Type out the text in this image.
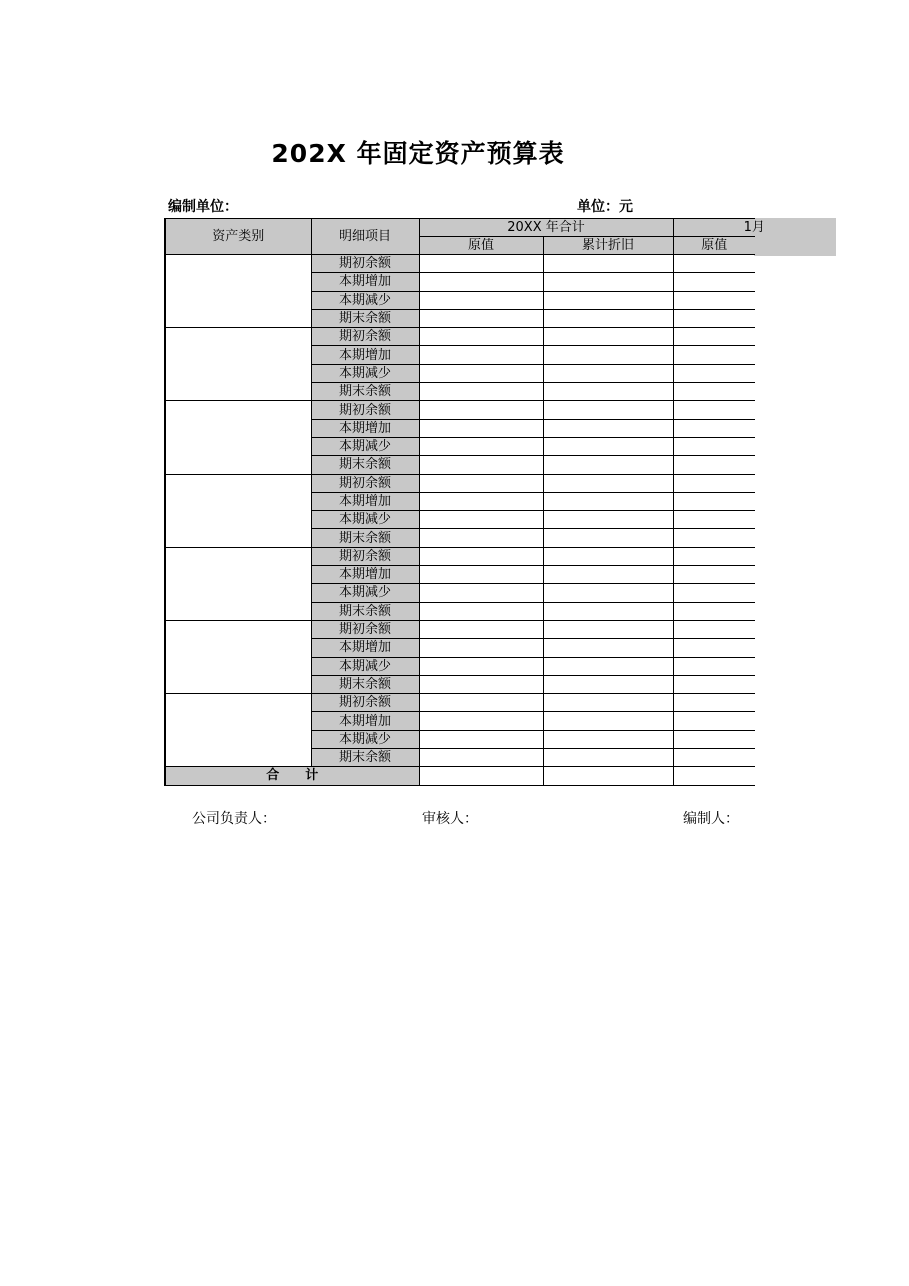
202X 年固定资产预算表
编制单位：	单位：元
资产类别	明细项目	20XX 年合计		1月
		原值	累计折旧	原值
	期初余额			
	本期增加			
	本期减少			
	期末余额			
	期初余额			
	本期增加			
	本期减少			
	期末余额			
	期初余额			
	本期增加			
	本期减少			
	期末余额			
	期初余额			
	本期增加			
	本期减少			
	期末余额			
	期初余额			
	本期增加			
	本期减少			
	期末余额			
	期初余额			
	本期增加			
	本期减少			
	期末余额			
	期初余额			
	本期增加			
	本期减少			
	期末余额			
合　　计				
公司负责人：	审核人：	编制人：
